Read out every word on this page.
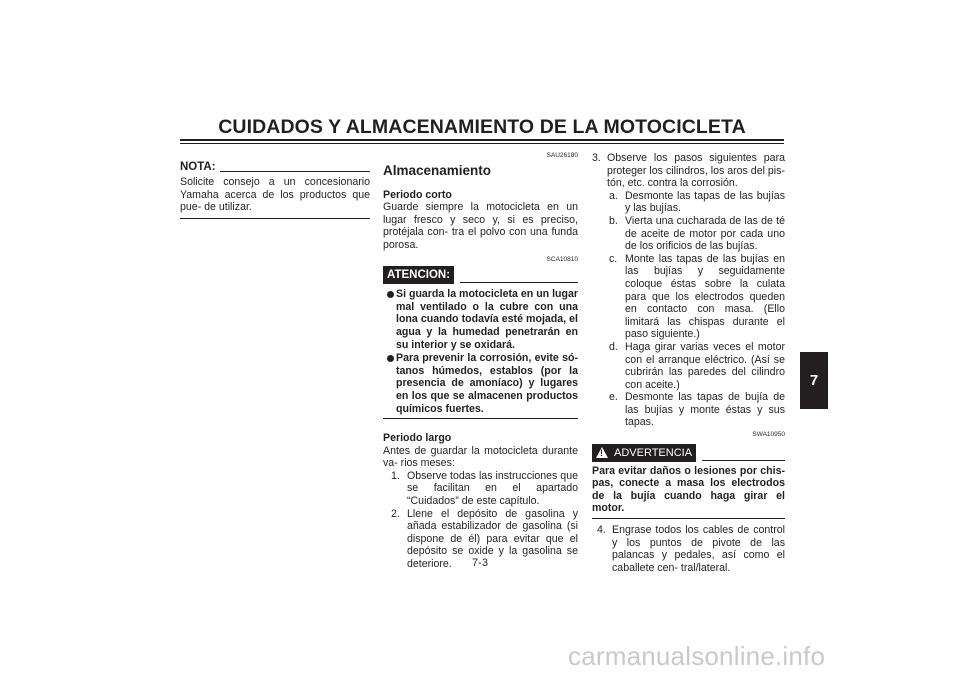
CUIDADOS Y ALMACENAMIENTO DE LA MOTOCICLETA
NOTA:
Solicite consejo a un concesionario Yamaha acerca de los productos que pue- de utilizar.
SAU26180
Almacenamiento
Periodo corto
Guarde siempre la motocicleta en un lugar fresco y seco y, si es preciso, protéjala con- tra el polvo con una funda porosa.
SCA10810
ATENCION:
Si guarda la motocicleta en un lugar mal ventilado o la cubre con una lona cuando todavía esté mojada, el agua y la humedad penetrarán en su interior y se oxidará.
Para prevenir la corrosión, evite só- tanos húmedos, establos (por la presencia de amoníaco) y lugares en los que se almacenen productos químicos fuertes.
Periodo largo
Antes de guardar la motocicleta durante va- rios meses:
1. Observe todas las instrucciones que se facilitan en el apartado “Cuidados” de este capítulo.
2. Llene el depósito de gasolina y añada estabilizador de gasolina (si dispone de él) para evitar que el depósito se oxide y la gasolina se deteriore.
3. Observe los pasos siguientes para proteger los cilindros, los aros del pis- tón, etc. contra la corrosión.
a. Desmonte las tapas de las bujías y las bujías.
b. Vierta una cucharada de las de té de aceite de motor por cada uno de los orificios de las bujías.
c. Monte las tapas de las bujías en las bujías y seguidamente coloque éstas sobre la culata para que los electrodos queden en contacto con masa. (Ello limitará las chispas durante el paso siguiente.)
d. Haga girar varias veces el motor con el arranque eléctrico. (Así se cubrirán las paredes del cilindro con aceite.)
e. Desmonte las tapas de bujía de las bujías y monte éstas y sus tapas.
SWA10950
!
ADVERTENCIA
Para evitar daños o lesiones por chis- pas, conecte a masa los electrodos de la bujía cuando haga girar el motor.
4. Engrase todos los cables de control y los puntos de pivote de las palancas y pedales, así como el caballete cen- tral/lateral.
7
7-3
carmanualsonline.info
